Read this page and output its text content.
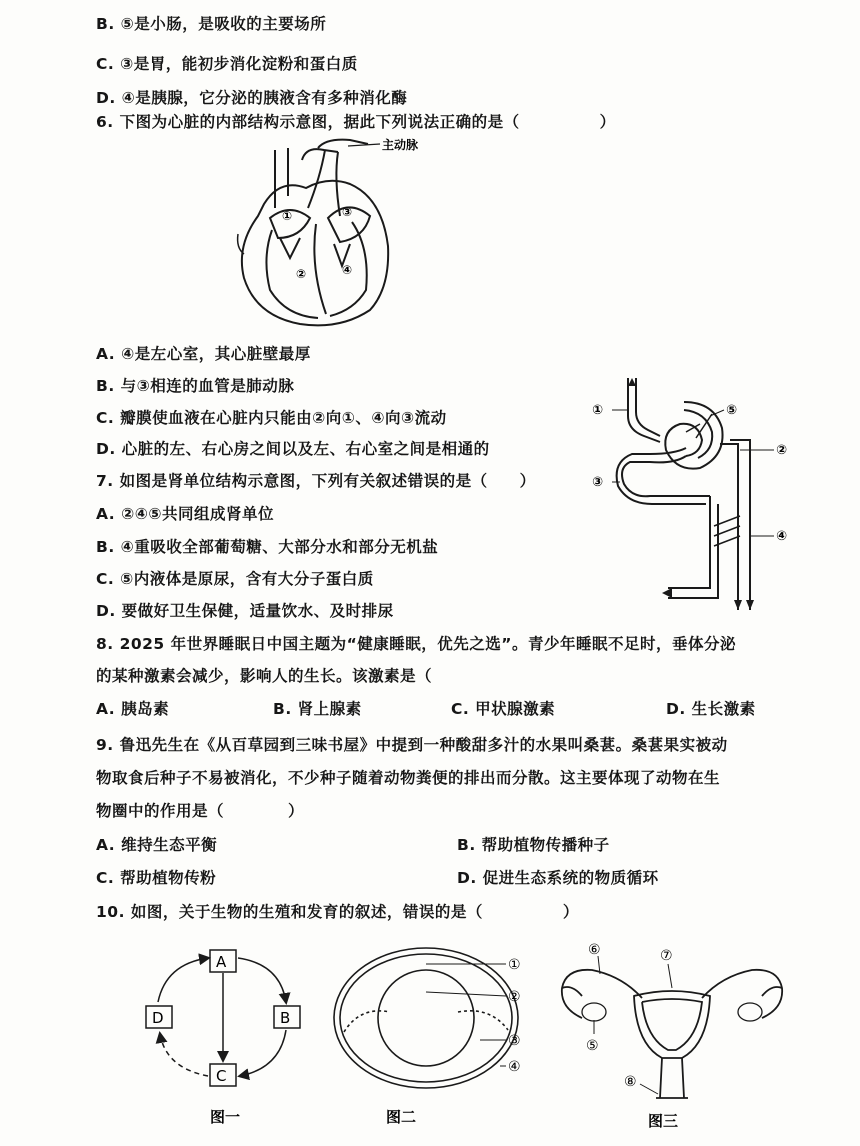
B. ⑤是小肠，是吸收的主要场所
C. ③是胃，能初步消化淀粉和蛋白质
D. ④是胰腺，它分泌的胰液含有多种消化酶
6. 下图为心脏的内部结构示意图，据此下列说法正确的是（　　　　　）
主动脉
①
②
③
④
A. ④是左心室，其心脏壁最厚
B. 与③相连的血管是肺动脉
C. 瓣膜使血液在心脏内只能由②向①、④向③流动
D. 心脏的左、右心房之间以及左、右心室之间是相通的
①
②
③
④
⑤
7. 如图是肾单位结构示意图，下列有关叙述错误的是（　　）
A. ②④⑤共同组成肾单位
B. ④重吸收全部葡萄糖、大部分水和部分无机盐
C. ⑤内液体是原尿，含有大分子蛋白质
D. 要做好卫生保健，适量饮水、及时排尿
8. 2025 年世界睡眠日中国主题为“健康睡眠，优先之选”。青少年睡眠不足时，垂体分泌
的某种激素会减少，影响人的生长。该激素是（
A. 胰岛素	B. 肾上腺素	C. 甲状腺激素	D. 生长激素
9. 鲁迅先生在《从百草园到三味书屋》中提到一种酸甜多汁的水果叫桑葚。桑葚果实被动
物取食后种子不易被消化，不少种子随着动物粪便的排出而分散。这主要体现了动物在生
物圈中的作用是（　　　　）
A. 维持生态平衡	B. 帮助植物传播种子
C. 帮助植物传粉	D. 促进生态系统的物质循环
10. 如图，关于生物的生殖和发育的叙述，错误的是（　　　　　）
A
B
C
D
图一
①
②
③
④
图二
⑥	⑦
⑤
⑧
图三
